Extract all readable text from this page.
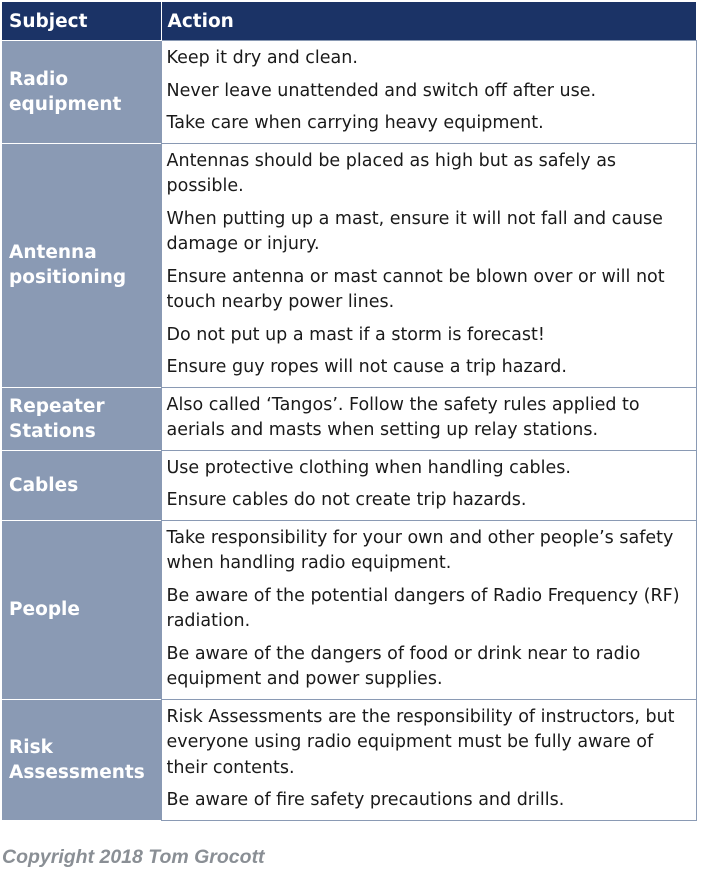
Subject	Action
Radio equipment	Keep it dry and clean.
Never leave unattended and switch off after use.
Take care when carrying heavy equipment.

Antenna positioning	Antennas should be placed as high but as safely as possible.
When putting up a mast, ensure it will not fall and cause damage or injury.
Ensure antenna or mast cannot be blown over or will not touch nearby power lines.
Do not put up a mast if a storm is forecast!
Ensure guy ropes will not cause a trip hazard.

Repeater Stations	Also called ‘Tangos’. Follow the safety rules applied to aerials and masts when setting up relay stations.

Cables	Use protective clothing when handling cables.
Ensure cables do not create trip hazards.

People	Take responsibility for your own and other people’s safety when handling radio equipment.
Be aware of the potential dangers of Radio Frequency (RF) radiation.
Be aware of the dangers of food or drink near to radio equipment and power supplies.

Risk Assessments	Risk Assessments are the responsibility of instructors, but everyone using radio equipment must be fully aware of their contents.
Be aware of fire safety precautions and drills.
Copyright 2018 Tom Grocott
